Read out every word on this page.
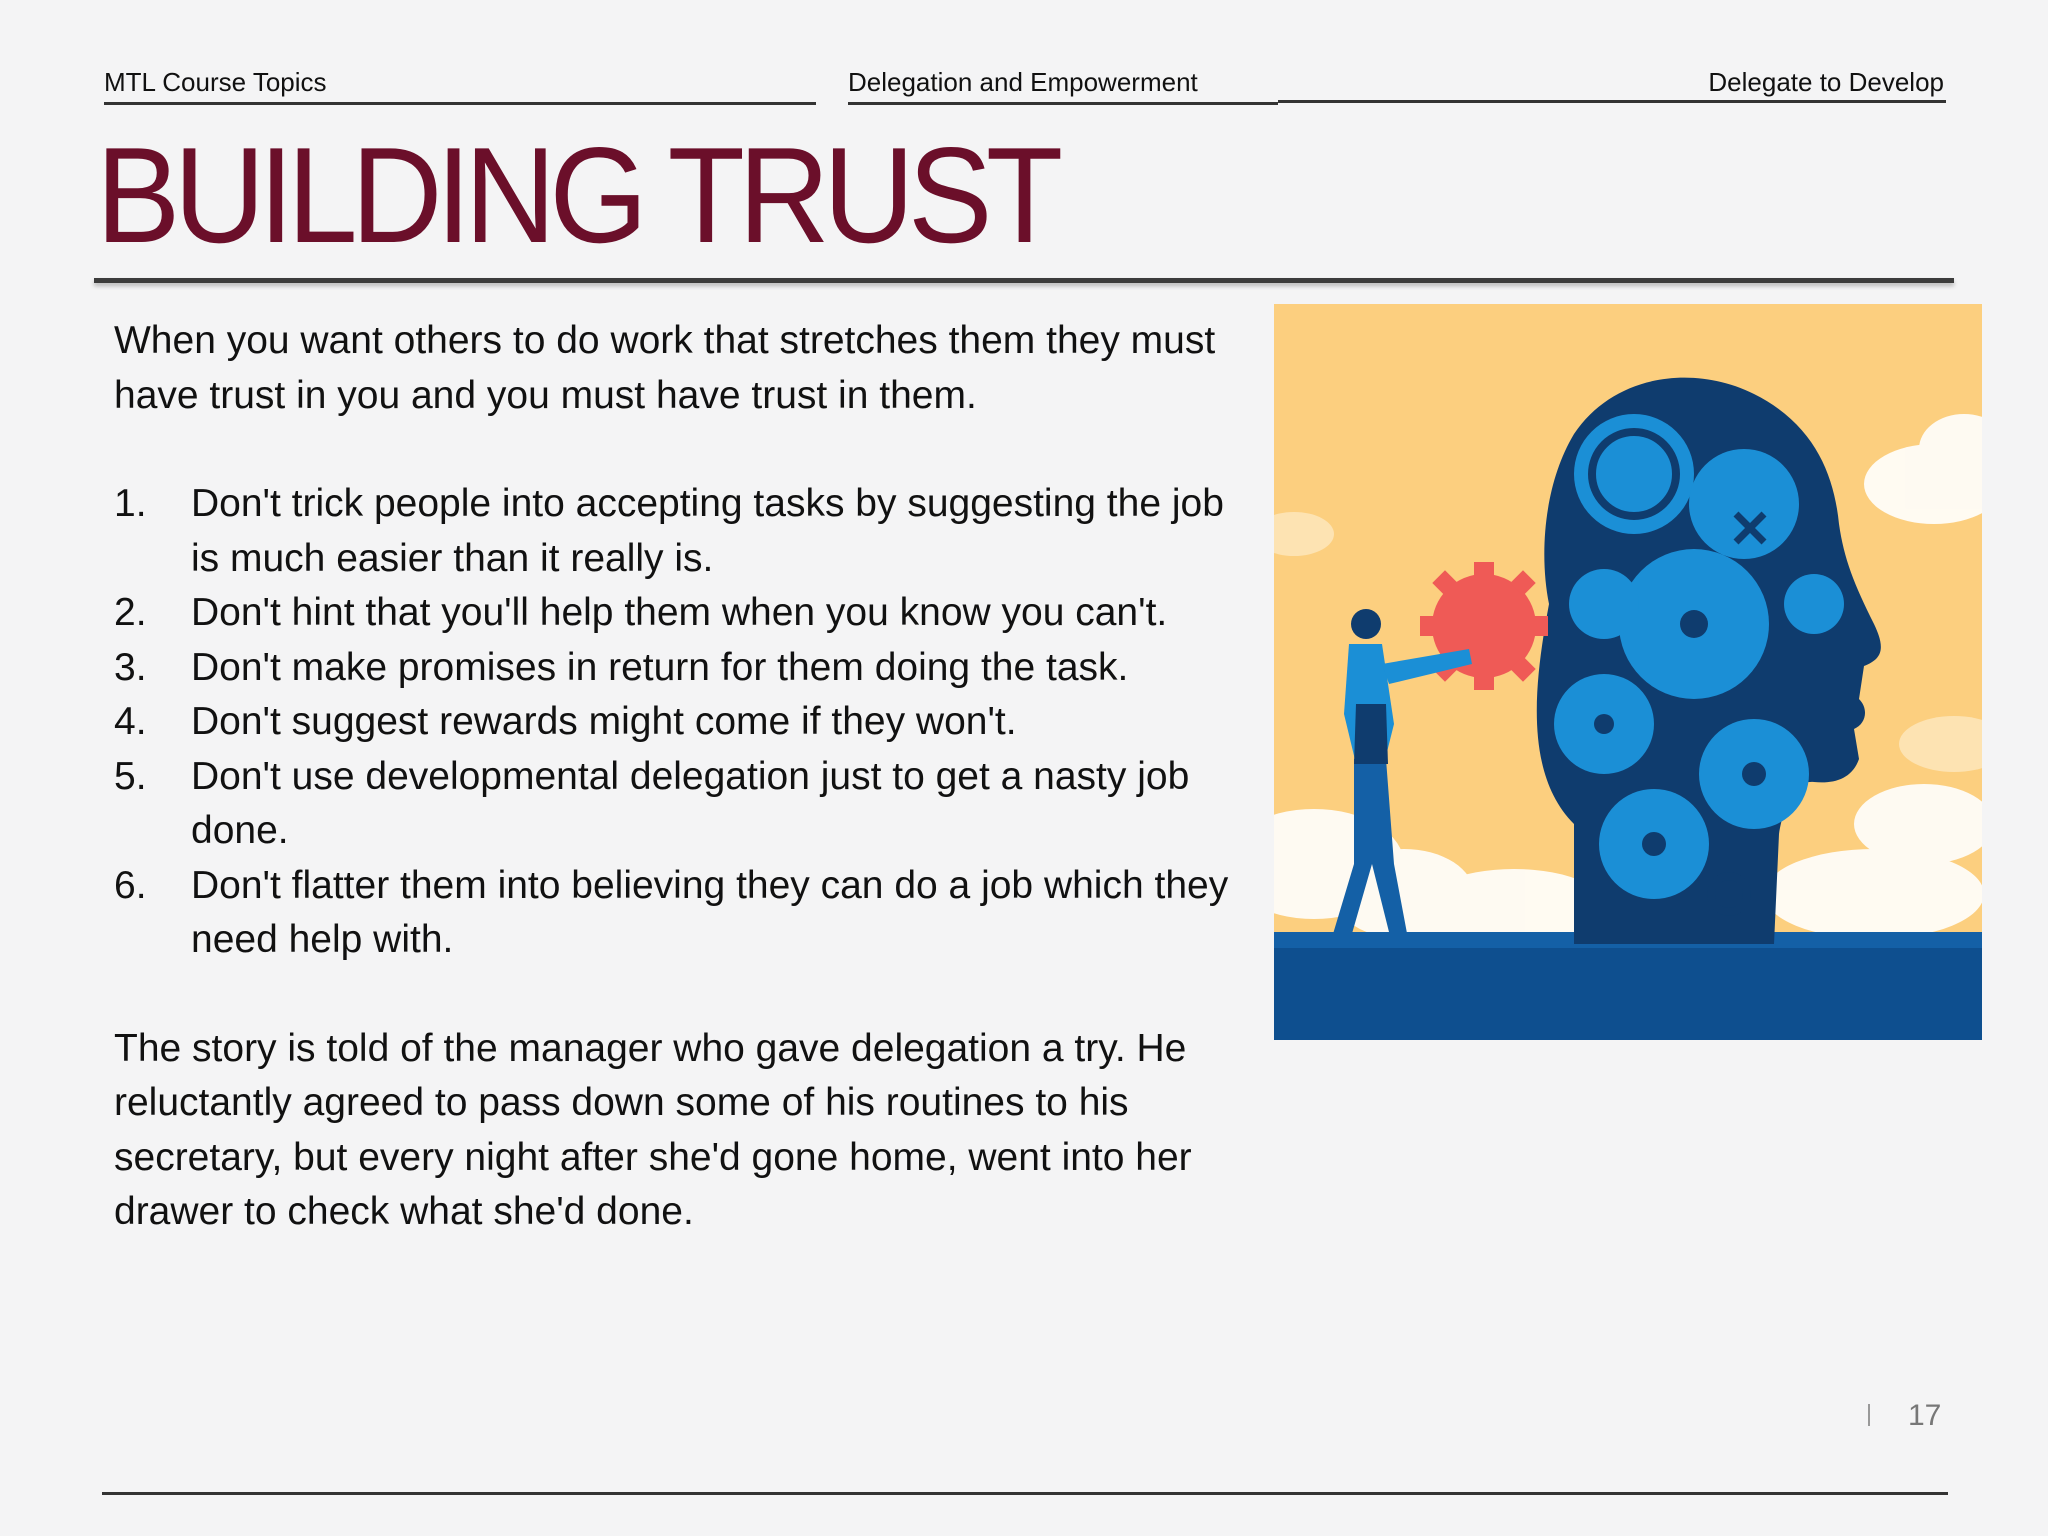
MTL Course Topics	Delegation and Empowerment	Delegate to Develop
BUILDING TRUST

When you want others to do work that stretches them they must have trust in you and you must have trust in them.

1.	Don't trick people into accepting tasks by suggesting the job is much easier than it really is.
2.	Don't hint that you'll help them when you know you can't.
3.	Don't make promises in return for them doing the task.
4.	Don't suggest rewards might come if they won't.
5.	Don't use developmental delegation just to get a nasty job done.
6.	Don't flatter them into believing they can do a job which they need help with.

The story is told of the manager who gave delegation a try. He reluctantly agreed to pass down some of his routines to his secretary, but every night after she'd gone home, went into her drawer to check what she'd done.

17
